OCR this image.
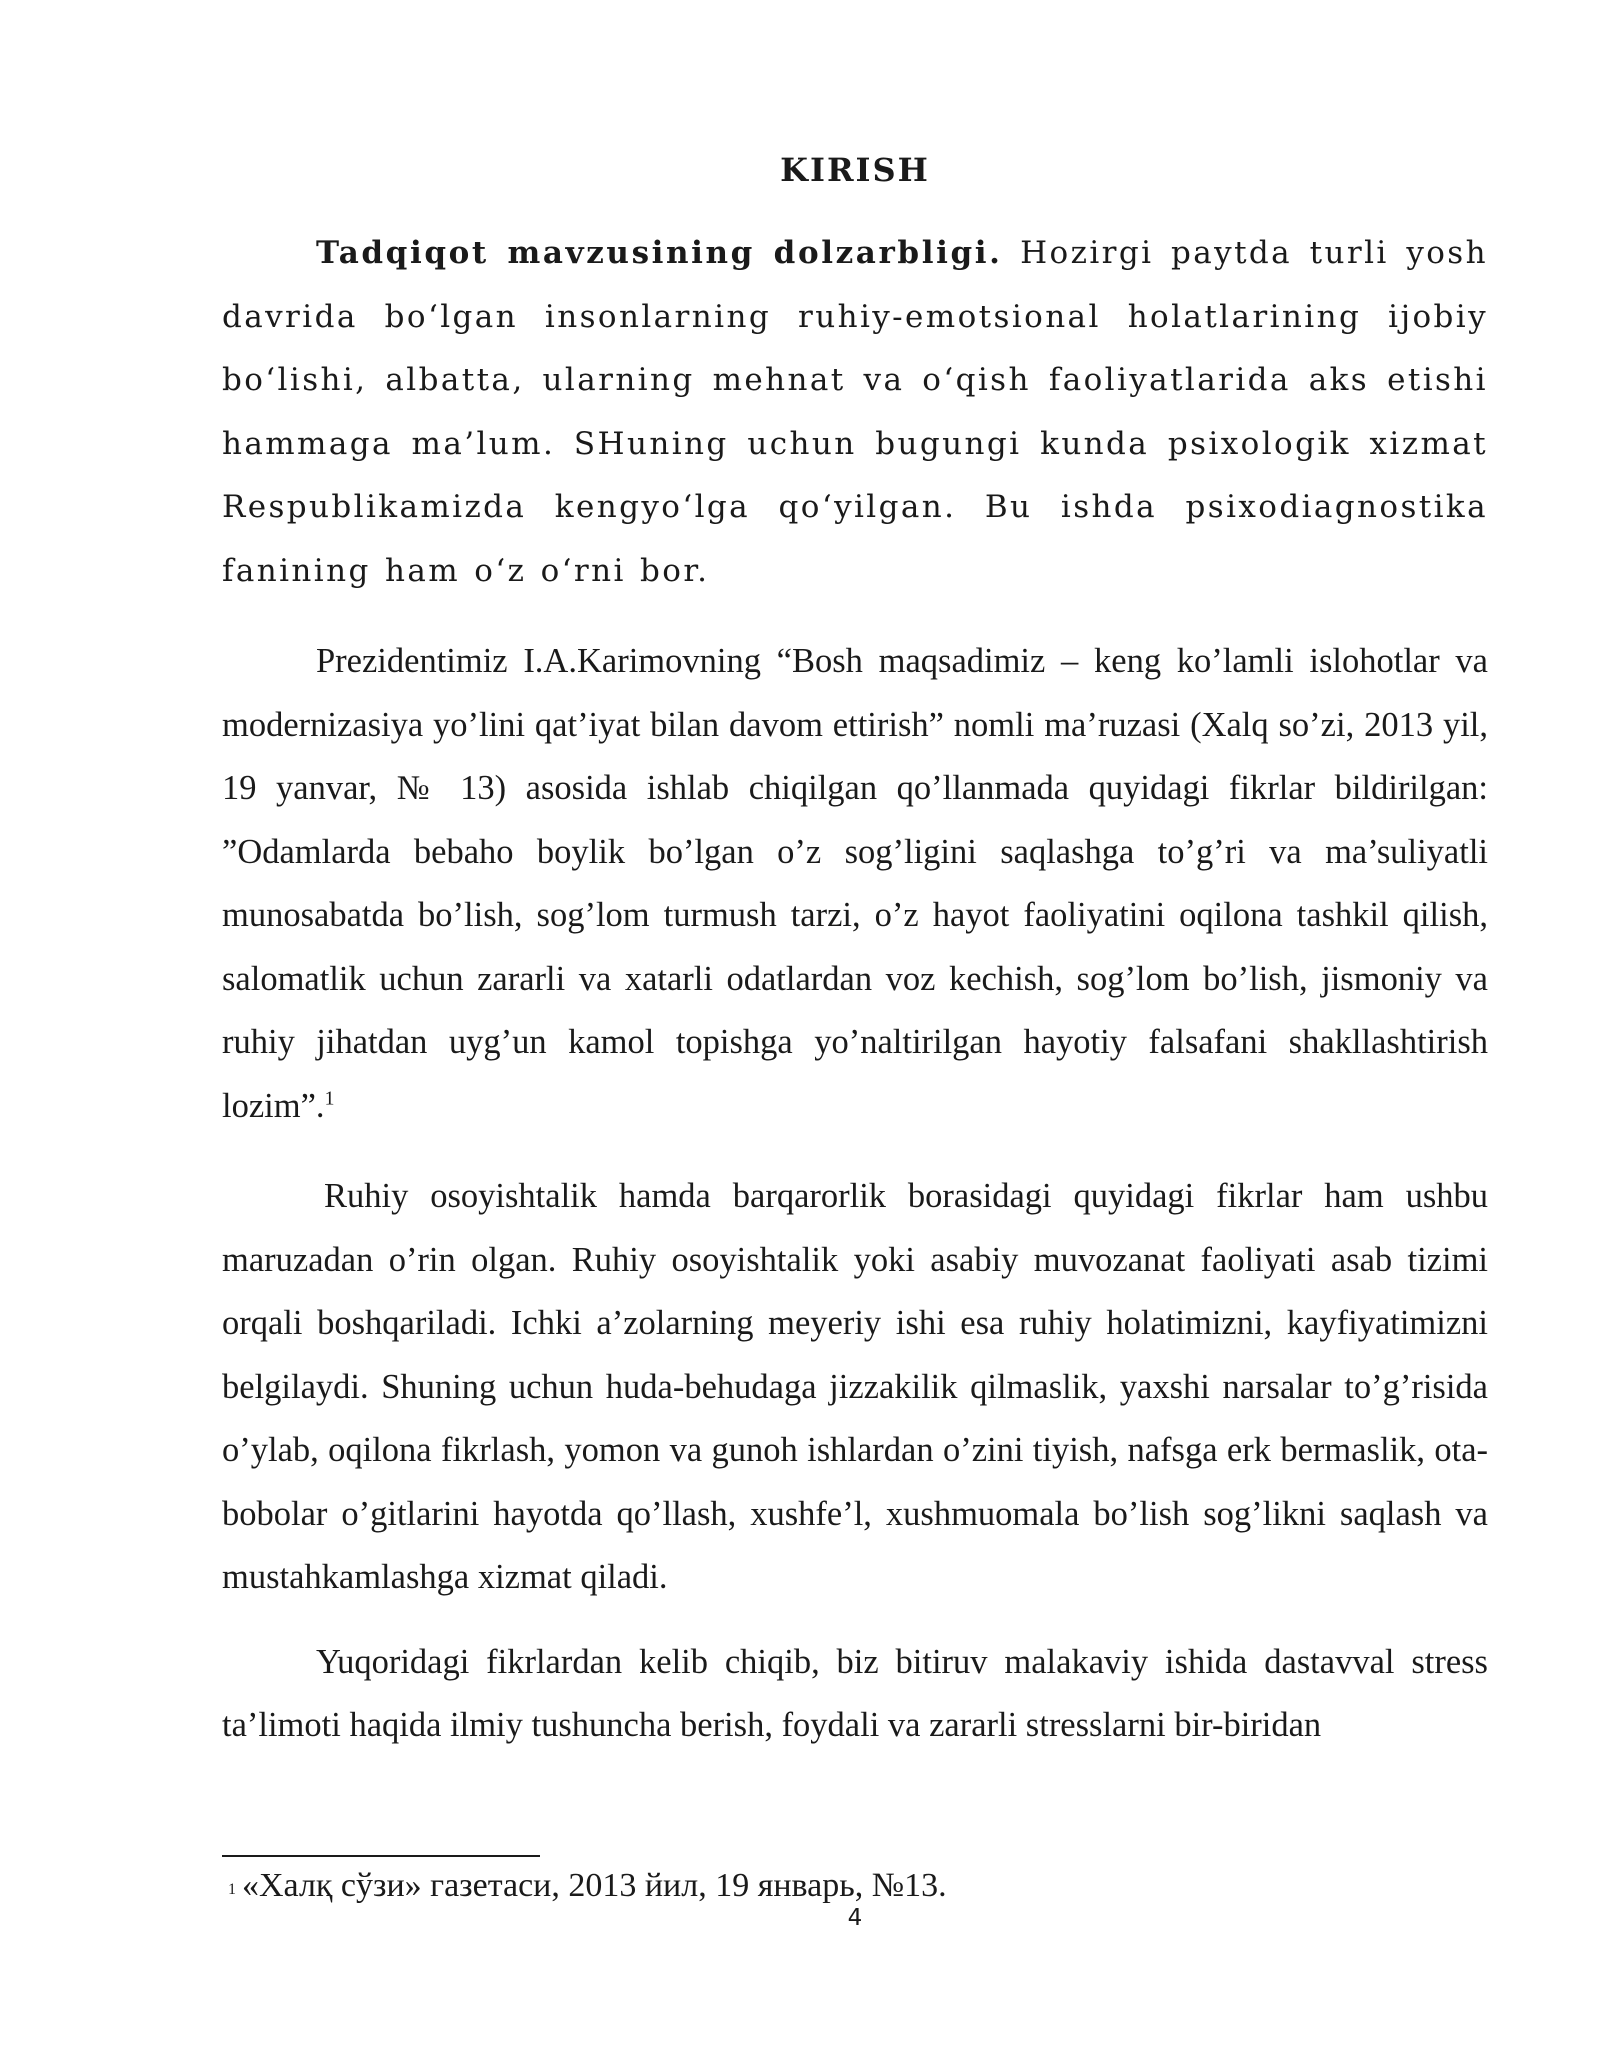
KIRISH

Tadqiqot mavzusining dolzarbligi. Hozirgi paytda turli yosh davrida bo‘lgan insonlarning ruhiy-emotsional holatlarining ijobiy bo‘lishi, albatta, ularning mehnat va o‘qish faoliyatlarida aks etishi hammaga ma’lum. SHuning uchun bugungi kunda psixologik xizmat Respublikamizda kengyo‘lga qo‘yilgan. Bu ishda psixodiagnostika fanining ham o‘z o‘rni bor.

Prezidentimiz I.A.Karimovning “Bosh maqsadimiz – keng ko’lamli islohotlar va modernizasiya yo’lini qat’iyat bilan davom ettirish” nomli ma’ruzasi (Xalq so’zi, 2013 yil, 19 yanvar, № 13) asosida ishlab chiqilgan qo’llanmada quyidagi fikrlar bildirilgan: ”Odamlarda bebaho boylik bo’lgan o’z sog’ligini saqlashga to’g’ri va ma’suliyatli munosabatda bo’lish, sog’lom turmush tarzi, o’z hayot faoliyatini oqilona tashkil qilish, salomatlik uchun zararli va xatarli odatlardan voz kechish, sog’lom bo’lish, jismoniy va ruhiy jihatdan uyg’un kamol topishga yo’naltirilgan hayotiy falsafani shakllashtirish lozim”.$^1$

Ruhiy osoyishtalik hamda barqarorlik borasidagi quyidagi fikrlar ham ushbu maruzadan o’rin olgan. Ruhiy osoyishtalik yoki asabiy muvozanat faoliyati asab tizimi orqali boshqariladi. Ichki a’zolarning meyeriy ishi esa ruhiy holatimizni, kayfiyatimizni belgilaydi. Shuning uchun huda-behudaga jizzakilik qilmaslik, yaxshi narsalar to’g’risida o’ylab, oqilona fikrlash, yomon va gunoh ishlardan o’zini tiyish, nafsga erk bermaslik, ota-bobolar o’gitlarini hayotda qo’llash, xushfe’l, xushmuomala bo’lish sog’likni saqlash va mustahkamlashga xizmat qiladi.

Yuqoridagi fikrlardan kelib chiqib, biz bitiruv malakaviy ishida dastavval stress ta’limoti haqida ilmiy tushuncha berish, foydali va zararli stresslarni bir-biridan

$^1$ «Халқ сўзи» газетаси, 2013 йил, 19 январь, №13.
4
